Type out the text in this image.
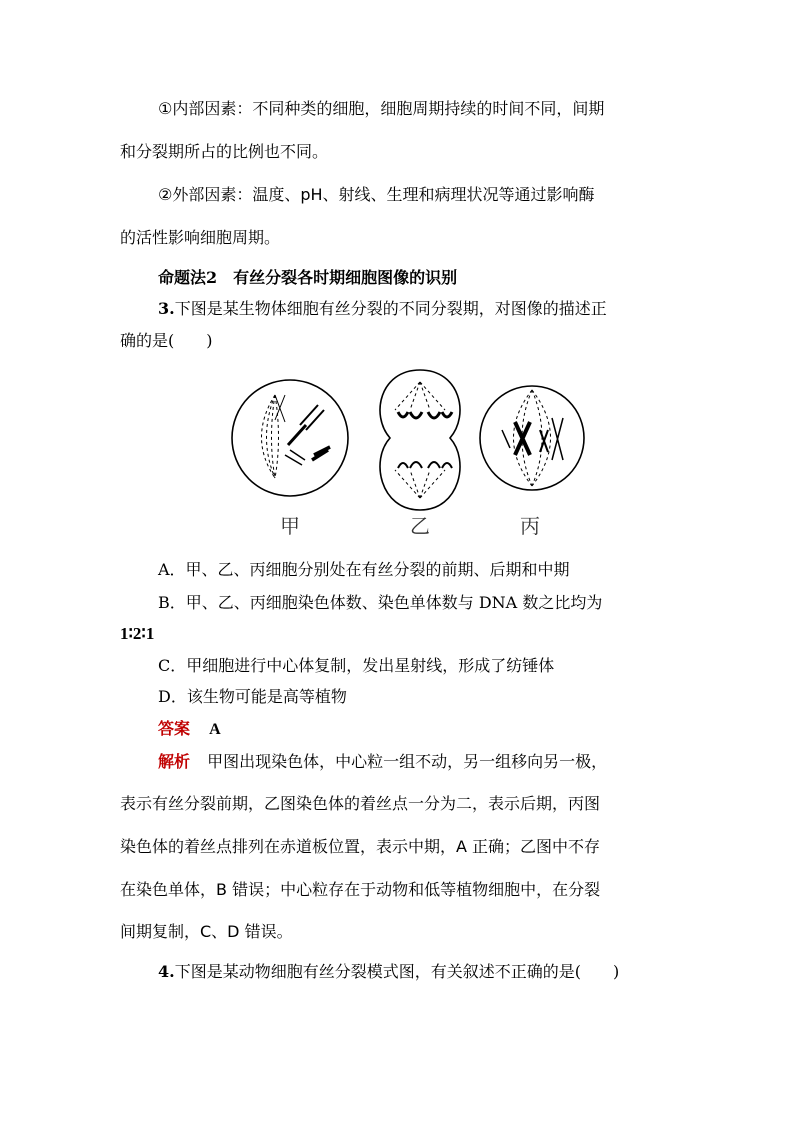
①内部因素：不同种类的细胞，细胞周期持续的时间不同，间期
和分裂期所占的比例也不同。
②外部因素：温度、pH、射线、生理和病理状况等通过影响酶
的活性影响细胞周期。
命题法2　有丝分裂各时期细胞图像的识别
3.下图是某生物体细胞有丝分裂的不同分裂期，对图像的描述正
确的是(　　)
甲	乙	丙
A．甲、乙、丙细胞分别处在有丝分裂的前期、后期和中期
B．甲、乙、丙细胞染色体数、染色单体数与 DNA 数之比均为
1∶2∶1
C．甲细胞进行中心体复制，发出星射线，形成了纺锤体
D．该生物可能是高等植物
答案 A
解析 甲图出现染色体，中心粒一组不动，另一组移向另一极，
表示有丝分裂前期，乙图染色体的着丝点一分为二，表示后期，丙图
染色体的着丝点排列在赤道板位置，表示中期，A 正确；乙图中不存
在染色单体，B 错误；中心粒存在于动物和低等植物细胞中，在分裂
间期复制，C、D 错误。
4.下图是某动物细胞有丝分裂模式图，有关叙述不正确的是(　　)
